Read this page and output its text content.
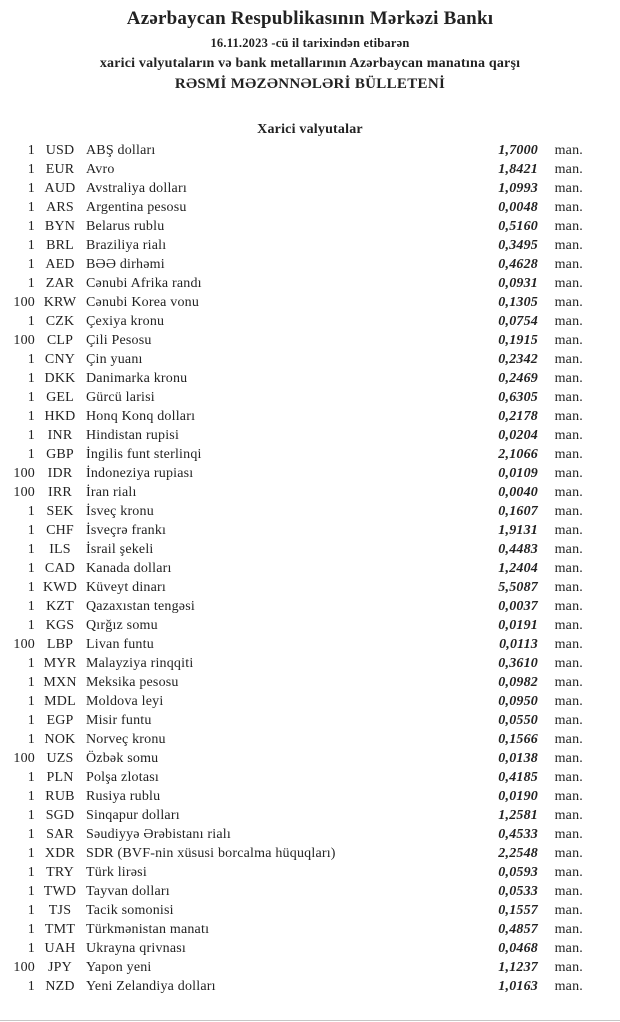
Azərbaycan Respublikasının Mərkəzi Bankı
16.11.2023 -cü il tarixindən etibarən
xarici valyutaların və bank metallarının Azərbaycan manatına qarşı
RƏSMİ MƏZƏNNƏLƏRİ BÜLLETENİ
Xarici valyutalar
1 USD ABŞ dolları	1,7000	man.
1 EUR Avro	1,8421	man.
1 AUD Avstraliya dolları	1,0993	man.
1 ARS Argentina pesosu	0,0048	man.
1 BYN Belarus rublu	0,5160	man.
1 BRL Braziliya rialı	0,3495	man.
1 AED BƏƏ dirhəmi	0,4628	man.
1 ZAR Cənubi Afrika randı	0,0931	man.
100 KRW Cənubi Korea vonu	0,1305	man.
1 CZK Çexiya kronu	0,0754	man.
100 CLP Çili Pesosu	0,1915	man.
1 CNY Çin yuanı	0,2342	man.
1 DKK Danimarka kronu	0,2469	man.
1 GEL Gürcü larisi	0,6305	man.
1 HKD Honq Konq dolları	0,2178	man.
1 INR Hindistan rupisi	0,0204	man.
1 GBP İngilis funt sterlinqi	2,1066	man.
100 IDR İndoneziya rupiası	0,0109	man.
100 IRR	İran rialı	0,0040	man.
1 SEK İsveç kronu	0,1607	man.
1 CHF İsveçrə frankı	1,9131	man.
1	ILS	İsrail şekeli	0,4483	man.
1 CAD Kanada dolları	1,2404	man.
1 KWD Küveyt dinarı	5,5087	man.
1 KZT Qazaxıstan tengəsi	0,0037	man.
1 KGS Qırğız somu	0,0191	man.
100 LBP Livan funtu	0,0113	man.
1 MYR Malayziya rinqqiti	0,3610	man.
1 MXN Meksika pesosu	0,0982	man.
1 MDL Moldova leyi	0,0950	man.
1 EGP Misir funtu	0,0550	man.
1 NOK Norveç kronu	0,1566	man.
100 UZS Özbək somu	0,0138	man.
1 PLN Polşa zlotası	0,4185	man.
1 RUB Rusiya rublu	0,0190	man.
1 SGD Sinqapur dolları	1,2581	man.
1 SAR Səudiyyə Ərəbistanı rialı	0,4533	man.
1 XDR SDR (BVF-nin xüsusi borcalma hüquqları)	2,2548	man.
1 TRY Türk lirəsi	0,0593	man.
1 TWD Tayvan dolları	0,0533	man.
1 TJS	Tacik somonisi	0,1557	man.
1 TMT Türkmənistan manatı	0,4857	man.
1 UAH Ukrayna qrivnası	0,0468	man.
100 JPY	Yapon yeni	1,1237	man.
1 NZD Yeni Zelandiya dolları	1,0163	man.
